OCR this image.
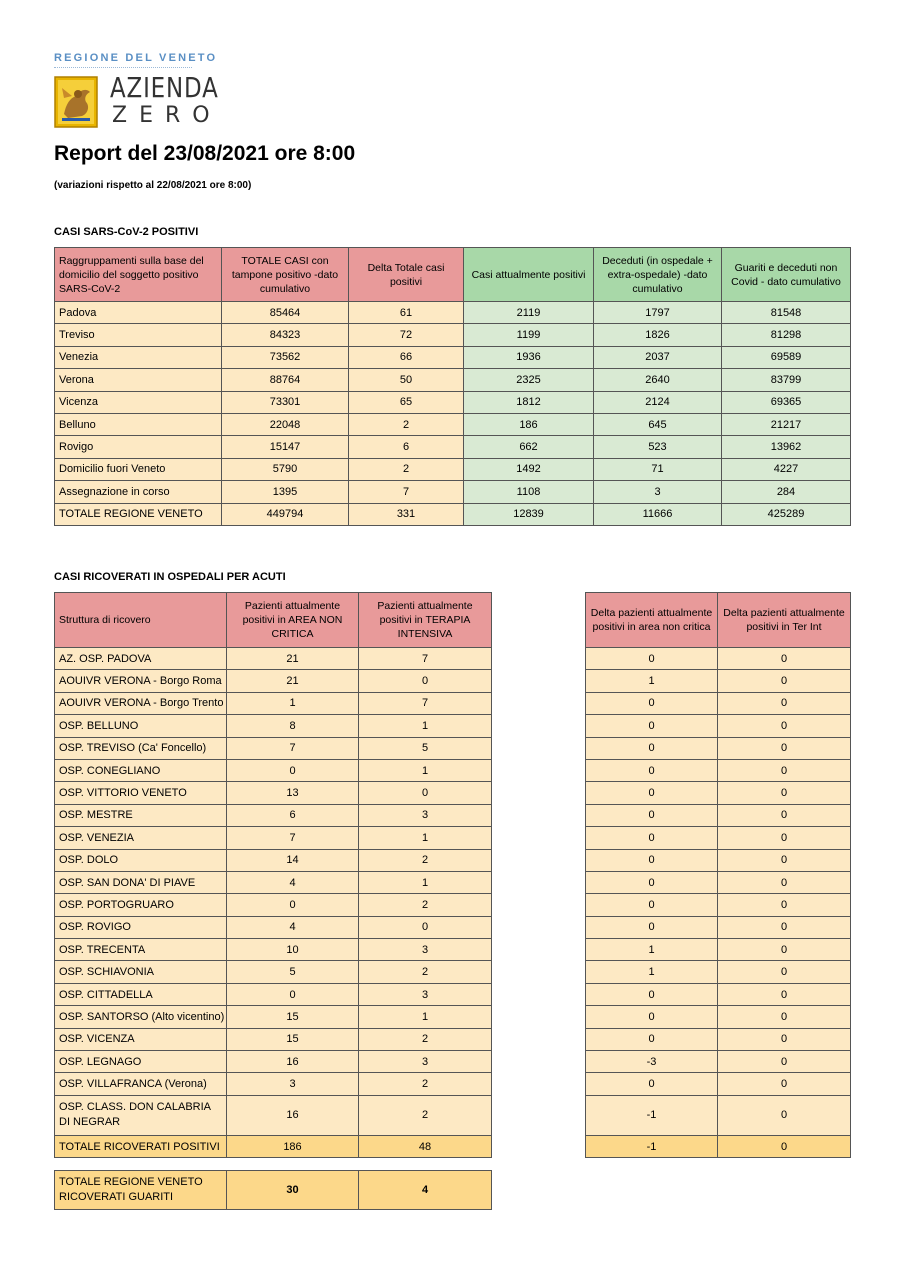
REGIONE DEL VENETO
AZIENDA
ZERO
Report del 23/08/2021 ore 8:00
(variazioni rispetto al 22/08/2021 ore 8:00)
CASI SARS-CoV-2 POSITIVI
Raggruppamenti sulla base del domicilio del soggetto positivo SARS-CoV-2	TOTALE CASI con tampone positivo -dato cumulativo	Delta Totale casi positivi	Casi attualmente positivi	Deceduti (in ospedale + extra-ospedale) -dato cumulativo	Guariti e deceduti non Covid - dato cumulativo
Padova	85464	61	2119	1797	81548
Treviso	84323	72	1199	1826	81298
Venezia	73562	66	1936	2037	69589
Verona	88764	50	2325	2640	83799
Vicenza	73301	65	1812	2124	69365
Belluno	22048	2	186	645	21217
Rovigo	15147	6	662	523	13962
Domicilio fuori Veneto	5790	2	1492	71	4227
Assegnazione in corso	1395	7	1108	3	284
TOTALE REGIONE VENETO	449794	331	12839	11666	425289
CASI RICOVERATI IN OSPEDALI PER ACUTI
Struttura di ricovero	Pazienti attualmente positivi in AREA NON CRITICA	Pazienti attualmente positivi in TERAPIA INTENSIVA
AZ. OSP. PADOVA	21	7
AOUIVR VERONA - Borgo Roma	21	0
AOUIVR VERONA - Borgo Trento	1	7
OSP. BELLUNO	8	1
OSP. TREVISO (Ca' Foncello)	7	5
OSP. CONEGLIANO	0	1
OSP. VITTORIO VENETO	13	0
OSP. MESTRE	6	3
OSP. VENEZIA	7	1
OSP. DOLO	14	2
OSP. SAN DONA' DI PIAVE	4	1
OSP. PORTOGRUARO	0	2
OSP. ROVIGO	4	0
OSP. TRECENTA	10	3
OSP. SCHIAVONIA	5	2
OSP. CITTADELLA	0	3
OSP. SANTORSO (Alto vicentino)	15	1
OSP. VICENZA	15	2
OSP. LEGNAGO	16	3
OSP. VILLAFRANCA (Verona)	3	2
OSP. CLASS. DON CALABRIA DI NEGRAR	16	2
TOTALE RICOVERATI POSITIVI	186	48
Delta pazienti attualmente positivi in area non critica	Delta pazienti attualmente positivi in Ter Int
0	0
1	0
0	0
0	0
0	0
0	0
0	0
0	0
0	0
0	0
0	0
0	0
0	0
1	0
1	0
0	0
0	0
0	0
-3	0
0	0
-1	0
-1	0
TOTALE REGIONE VENETO RICOVERATI GUARITI	30	4
